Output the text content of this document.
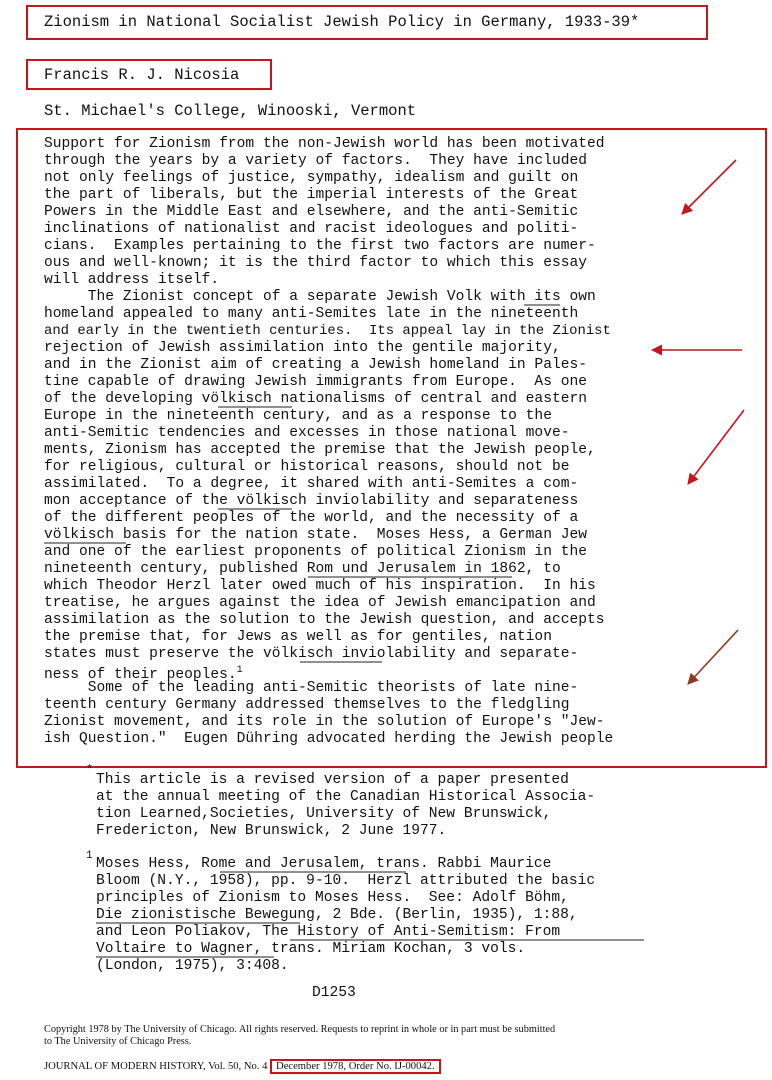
Zionism in National Socialist Jewish Policy in Germany, 1933-39*
Francis R. J. Nicosia
St. Michael's College, Winooski, Vermont
Support for Zionism from the non-Jewish world has been motivated
through the years by a variety of factors.  They have included
not only feelings of justice, sympathy, idealism and guilt on
the part of liberals, but the imperial interests of the Great
Powers in the Middle East and elsewhere, and the anti-Semitic
inclinations of nationalist and racist ideologues and politi-
cians.  Examples pertaining to the first two factors are numer-
ous and well-known; it is the third factor to which this essay
will address itself.
The Zionist concept of a separate Jewish Volk with its own
homeland appealed to many anti-Semites late in the nineteenth
and early in the twentieth centuries.  Its appeal lay in the Zionist
rejection of Jewish assimilation into the gentile majority,
and in the Zionist aim of creating a Jewish homeland in Pales-
tine capable of drawing Jewish immigrants from Europe.  As one
of the developing völkisch nationalisms of central and eastern
Europe in the nineteenth century, and as a response to the
anti-Semitic tendencies and excesses in those national move-
ments, Zionism has accepted the premise that the Jewish people,
for religious, cultural or historical reasons, should not be
assimilated.  To a degree, it shared with anti-Semites a com-
mon acceptance of the völkisch inviolability and separateness
of the different peoples of the world, and the necessity of a
völkisch basis for the nation state.  Moses Hess, a German Jew
and one of the earliest proponents of political Zionism in the
nineteenth century, published Rom und Jerusalem in 1862, to
which Theodor Herzl later owed much of his inspiration.  In his
treatise, he argues against the idea of Jewish emancipation and
assimilation as the solution to the Jewish question, and accepts
the premise that, for Jews as well as for gentiles, nation
states must preserve the völkisch inviolability and separate-
ness of their peoples.$^1$
Some of the leading anti-Semitic theorists of late nine-
teenth century Germany addressed themselves to the fledgling
Zionist movement, and its role in the solution of Europe's "Jew-
ish Question."  Eugen Dühring advocated herding the Jewish people
*
This article is a revised version of a paper presented
at the annual meeting of the Canadian Historical Associa-
tion Learned,Societies, University of New Brunswick,
Fredericton, New Brunswick, 2 June 1977.
1 Moses Hess, Rome and Jerusalem, trans. Rabbi Maurice
Bloom (N.Y., 1958), pp. 9-10.  Herzl attributed the basic
principles of Zionism to Moses Hess.  See: Adolf Böhm,
Die zionistische Bewegung, 2 Bde. (Berlin, 1935), 1:88,
and Leon Poliakov, The History of Anti-Semitism: From
Voltaire to Wagner, trans. Miriam Kochan, 3 vols.
(London, 1975), 3:408.
D1253
Copyright 1978 by The University of Chicago. All rights reserved. Requests to reprint in whole or in part must be submitted
to The University of Chicago Press.
JOURNAL OF MODERN HISTORY, Vol. 50, No. 4 December 1978, Order No. IJ-00042.
